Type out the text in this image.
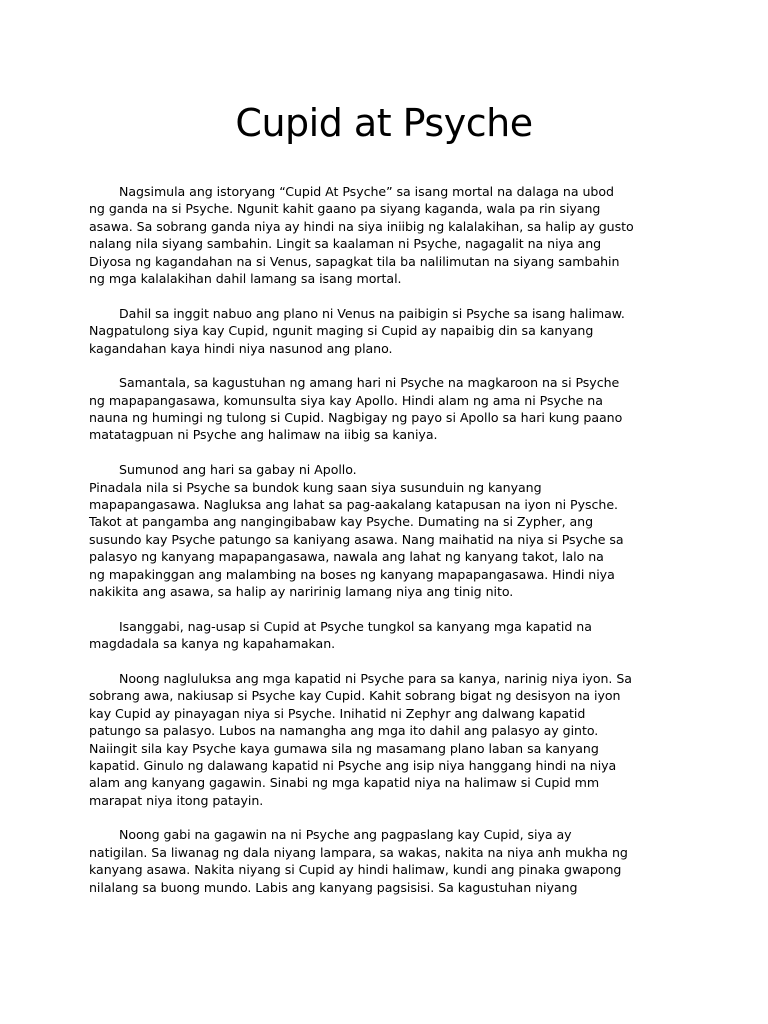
Cupid at Psyche
Nagsimula ang istoryang “Cupid At Psyche” sa isang mortal na dalaga na ubod
ng ganda na si Psyche. Ngunit kahit gaano pa siyang kaganda, wala pa rin siyang
asawa. Sa sobrang ganda niya ay hindi na siya iniibig ng kalalakihan, sa halip ay gusto
nalang nila siyang sambahin. Lingit sa kaalaman ni Psyche, nagagalit na niya ang
Diyosa ng kagandahan na si Venus, sapagkat tila ba nalilimutan na siyang sambahin
ng mga kalalakihan dahil lamang sa isang mortal.
Dahil sa inggit nabuo ang plano ni Venus na paibigin si Psyche sa isang halimaw.
Nagpatulong siya kay Cupid, ngunit maging si Cupid ay napaibig din sa kanyang
kagandahan kaya hindi niya nasunod ang plano.
Samantala, sa kagustuhan ng amang hari ni Psyche na magkaroon na si Psyche
ng mapapangasawa, komunsulta siya kay Apollo. Hindi alam ng ama ni Psyche na
nauna ng humingi ng tulong si Cupid. Nagbigay ng payo si Apollo sa hari kung paano
matatagpuan ni Psyche ang halimaw na iibig sa kaniya.
Sumunod ang hari sa gabay ni Apollo.
Pinadala nila si Psyche sa bundok kung saan siya susunduin ng kanyang
mapapangasawa. Nagluksa ang lahat sa pag-aakalang katapusan na iyon ni Pysche.
Takot at pangamba ang nangingibabaw kay Psyche. Dumating na si Zypher, ang
susundo kay Psyche patungo sa kaniyang asawa. Nang maihatid na niya si Psyche sa
palasyo ng kanyang mapapangasawa, nawala ang lahat ng kanyang takot, lalo na
ng mapakinggan ang malambing na boses ng kanyang mapapangasawa. Hindi niya
nakikita ang asawa, sa halip ay naririnig lamang niya ang tinig nito.
Isanggabi, nag-usap si Cupid at Psyche tungkol sa kanyang mga kapatid na
magdadala sa kanya ng kapahamakan.
Noong nagluluksa ang mga kapatid ni Psyche para sa kanya, narinig niya iyon. Sa
sobrang awa, nakiusap si Psyche kay Cupid. Kahit sobrang bigat ng desisyon na iyon
kay Cupid ay pinayagan niya si Psyche. Inihatid ni Zephyr ang dalwang kapatid
patungo sa palasyo. Lubos na namangha ang mga ito dahil ang palasyo ay ginto.
Naiingit sila kay Psyche kaya gumawa sila ng masamang plano laban sa kanyang
kapatid. Ginulo ng dalawang kapatid ni Psyche ang isip niya hanggang hindi na niya
alam ang kanyang gagawin. Sinabi ng mga kapatid niya na halimaw si Cupid mm
marapat niya itong patayin.
Noong gabi na gagawin na ni Psyche ang pagpaslang kay Cupid, siya ay
natigilan. Sa liwanag ng dala niyang lampara, sa wakas, nakita na niya anh mukha ng
kanyang asawa. Nakita niyang si Cupid ay hindi halimaw, kundi ang pinaka gwapong
nilalang sa buong mundo. Labis ang kanyang pagsisisi. Sa kagustuhan niyang
